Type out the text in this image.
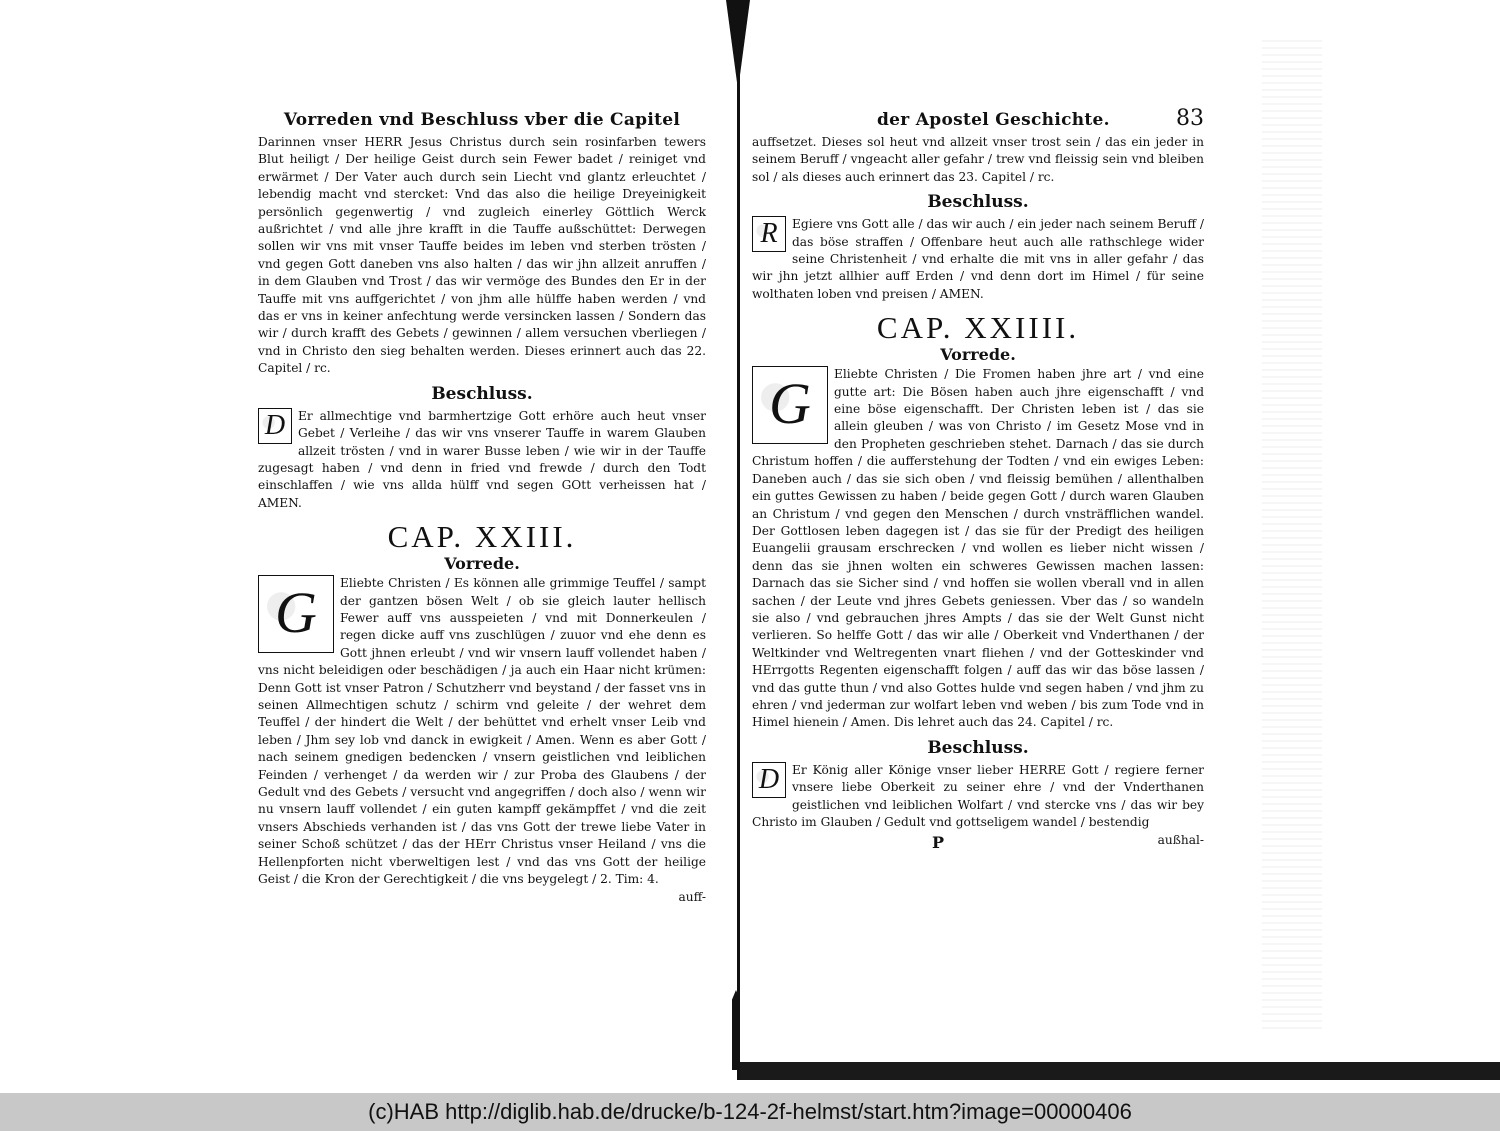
Vorreden vnd Beschluss vber die Capitel
Darinnen vnser HERR Jesus Christus durch sein rosinfarben tewers Blut heiligt / Der heilige Geist durch sein Fewer badet / reiniget vnd erwärmet / Der Vater auch durch sein Liecht vnd glantz erleuchtet / lebendig macht vnd stercket: Vnd das also die heilige Dreyeinigkeit persönlich gegenwertig / vnd zugleich einerley Göttlich Werck außrichtet / vnd alle jhre krafft in die Tauffe außschüttet: Derwegen sollen wir vns mit vnser Tauffe beides im leben vnd sterben trösten / vnd gegen Gott daneben vns also halten / das wir jhn allzeit anruffen / in dem Glauben vnd Trost / das wir vermöge des Bundes den Er in der Tauffe mit vns auffgerichtet / von jhm alle hülffe haben werden / vnd das er vns in keiner anfechtung werde versincken lassen / Sondern das wir / durch krafft des Gebets / gewinnen / allem versuchen vberliegen / vnd in Christo den sieg behalten werden. Dieses erinnert auch das 22. Capitel / rc.
Beschluss.
D	Er allmechtige vnd barmhertzige Gott erhöre auch heut vnser Gebet / Verleihe / das wir vns vnserer Tauffe in warem Glauben allzeit trösten / vnd in warer Busse leben / wie wir in der Tauffe zugesagt haben / vnd denn in fried vnd frewde / durch den Todt einschlaffen / wie vns allda hülff vnd segen GOtt verheissen hat / AMEN.
CAP. XXIII.
Vorrede.
G	Eliebte Christen / Es können alle grimmige Teuffel / sampt der gantzen bösen Welt / ob sie gleich lauter hellisch Fewer auff vns ausspeieten / vnd mit Donnerkeulen / regen dicke auff vns zuschlügen / zuuor vnd ehe denn es Gott jhnen erleubt / vnd wir vnsern lauff vollendet haben / vns nicht beleidigen oder beschädigen / ja auch ein Haar nicht krümen: Denn Gott ist vnser Patron / Schutzherr vnd beystand / der fasset vns in seinen Allmechtigen schutz / schirm vnd geleite / der wehret dem Teuffel / der hindert die Welt / der behüttet vnd erhelt vnser Leib vnd leben / Jhm sey lob vnd danck in ewigkeit / Amen. Wenn es aber Gott / nach seinem gnedigen bedencken / vnsern geistlichen vnd leiblichen Feinden / verhenget / da werden wir / zur Proba des Glaubens / der Gedult vnd des Gebets / versucht vnd angegriffen / doch also / wenn wir nu vnsern lauff vollendet / ein guten kampff gekämpffet / vnd die zeit vnsers Abschieds verhanden ist / das vns Gott der trewe liebe Vater in seiner Schoß schützet / das der HErr Christus vnser Heiland / vns die Hellenpforten nicht vberweltigen lest / vnd das vns Gott der heilige Geist / die Kron der Gerechtigkeit / die vns beygelegt / 2. Tim: 4.
auff-
der Apostel Geschichte.	83
auffsetzet. Dieses sol heut vnd allzeit vnser trost sein / das ein jeder in seinem Beruff / vngeacht aller gefahr / trew vnd fleissig sein vnd bleiben sol / als dieses auch erinnert das 23. Capitel / rc.
Beschluss.
R	Egiere vns Gott alle / das wir auch / ein jeder nach seinem Beruff / das böse straffen / Offenbare heut auch alle rathschlege wider seine Christenheit / vnd erhalte die mit vns in aller gefahr / das wir jhn jetzt allhier auff Erden / vnd denn dort im Himel / für seine wolthaten loben vnd preisen / AMEN.
CAP. XXIIII.
Vorrede.
G	Eliebte Christen / Die Fromen haben jhre art / vnd eine gutte art: Die Bösen haben auch jhre eigenschafft / vnd eine böse eigenschafft. Der Christen leben ist / das sie allein gleuben / was von Christo / im Gesetz Mose vnd in den Propheten geschrieben stehet. Darnach / das sie durch Christum hoffen / die aufferstehung der Todten / vnd ein ewiges Leben: Daneben auch / das sie sich oben / vnd fleissig bemühen / allenthalben ein guttes Gewissen zu haben / beide gegen Gott / durch waren Glauben an Christum / vnd gegen den Menschen / durch vnsträfflichen wandel. Der Gottlosen leben dagegen ist / das sie für der Predigt des heiligen Euangelii grausam erschrecken / vnd wollen es lieber nicht wissen / denn das sie jhnen wolten ein schweres Gewissen machen lassen: Darnach das sie Sicher sind / vnd hoffen sie wollen vberall vnd in allen sachen / der Leute vnd jhres Gebets geniessen. Vber das / so wandeln sie also / vnd gebrauchen jhres Ampts / das sie der Welt Gunst nicht verlieren. So helffe Gott / das wir alle / Oberkeit vnd Vnderthanen / der Weltkinder vnd Weltregenten vnart fliehen / vnd der Gotteskinder vnd HErrgotts Regenten eigenschafft folgen / auff das wir das böse lassen / vnd das gutte thun / vnd also Gottes hulde vnd segen haben / vnd jhm zu ehren / vnd jederman zur wolfart leben vnd weben / bis zum Tode vnd in Himel hienein / Amen. Dis lehret auch das 24. Capitel / rc.
Beschluss.
D	Er König aller Könige vnser lieber HERRE Gott / regiere ferner vnsere liebe Oberkeit zu seiner ehre / vnd der Vnderthanen geistlichen vnd leiblichen Wolfart / vnd stercke vns / das wir bey Christo im Glauben / Gedult vnd gottseligem wandel / bestendig
P	außhal-
(c)HAB http://diglib.hab.de/drucke/b-124-2f-helmst/start.htm?image=00000406
